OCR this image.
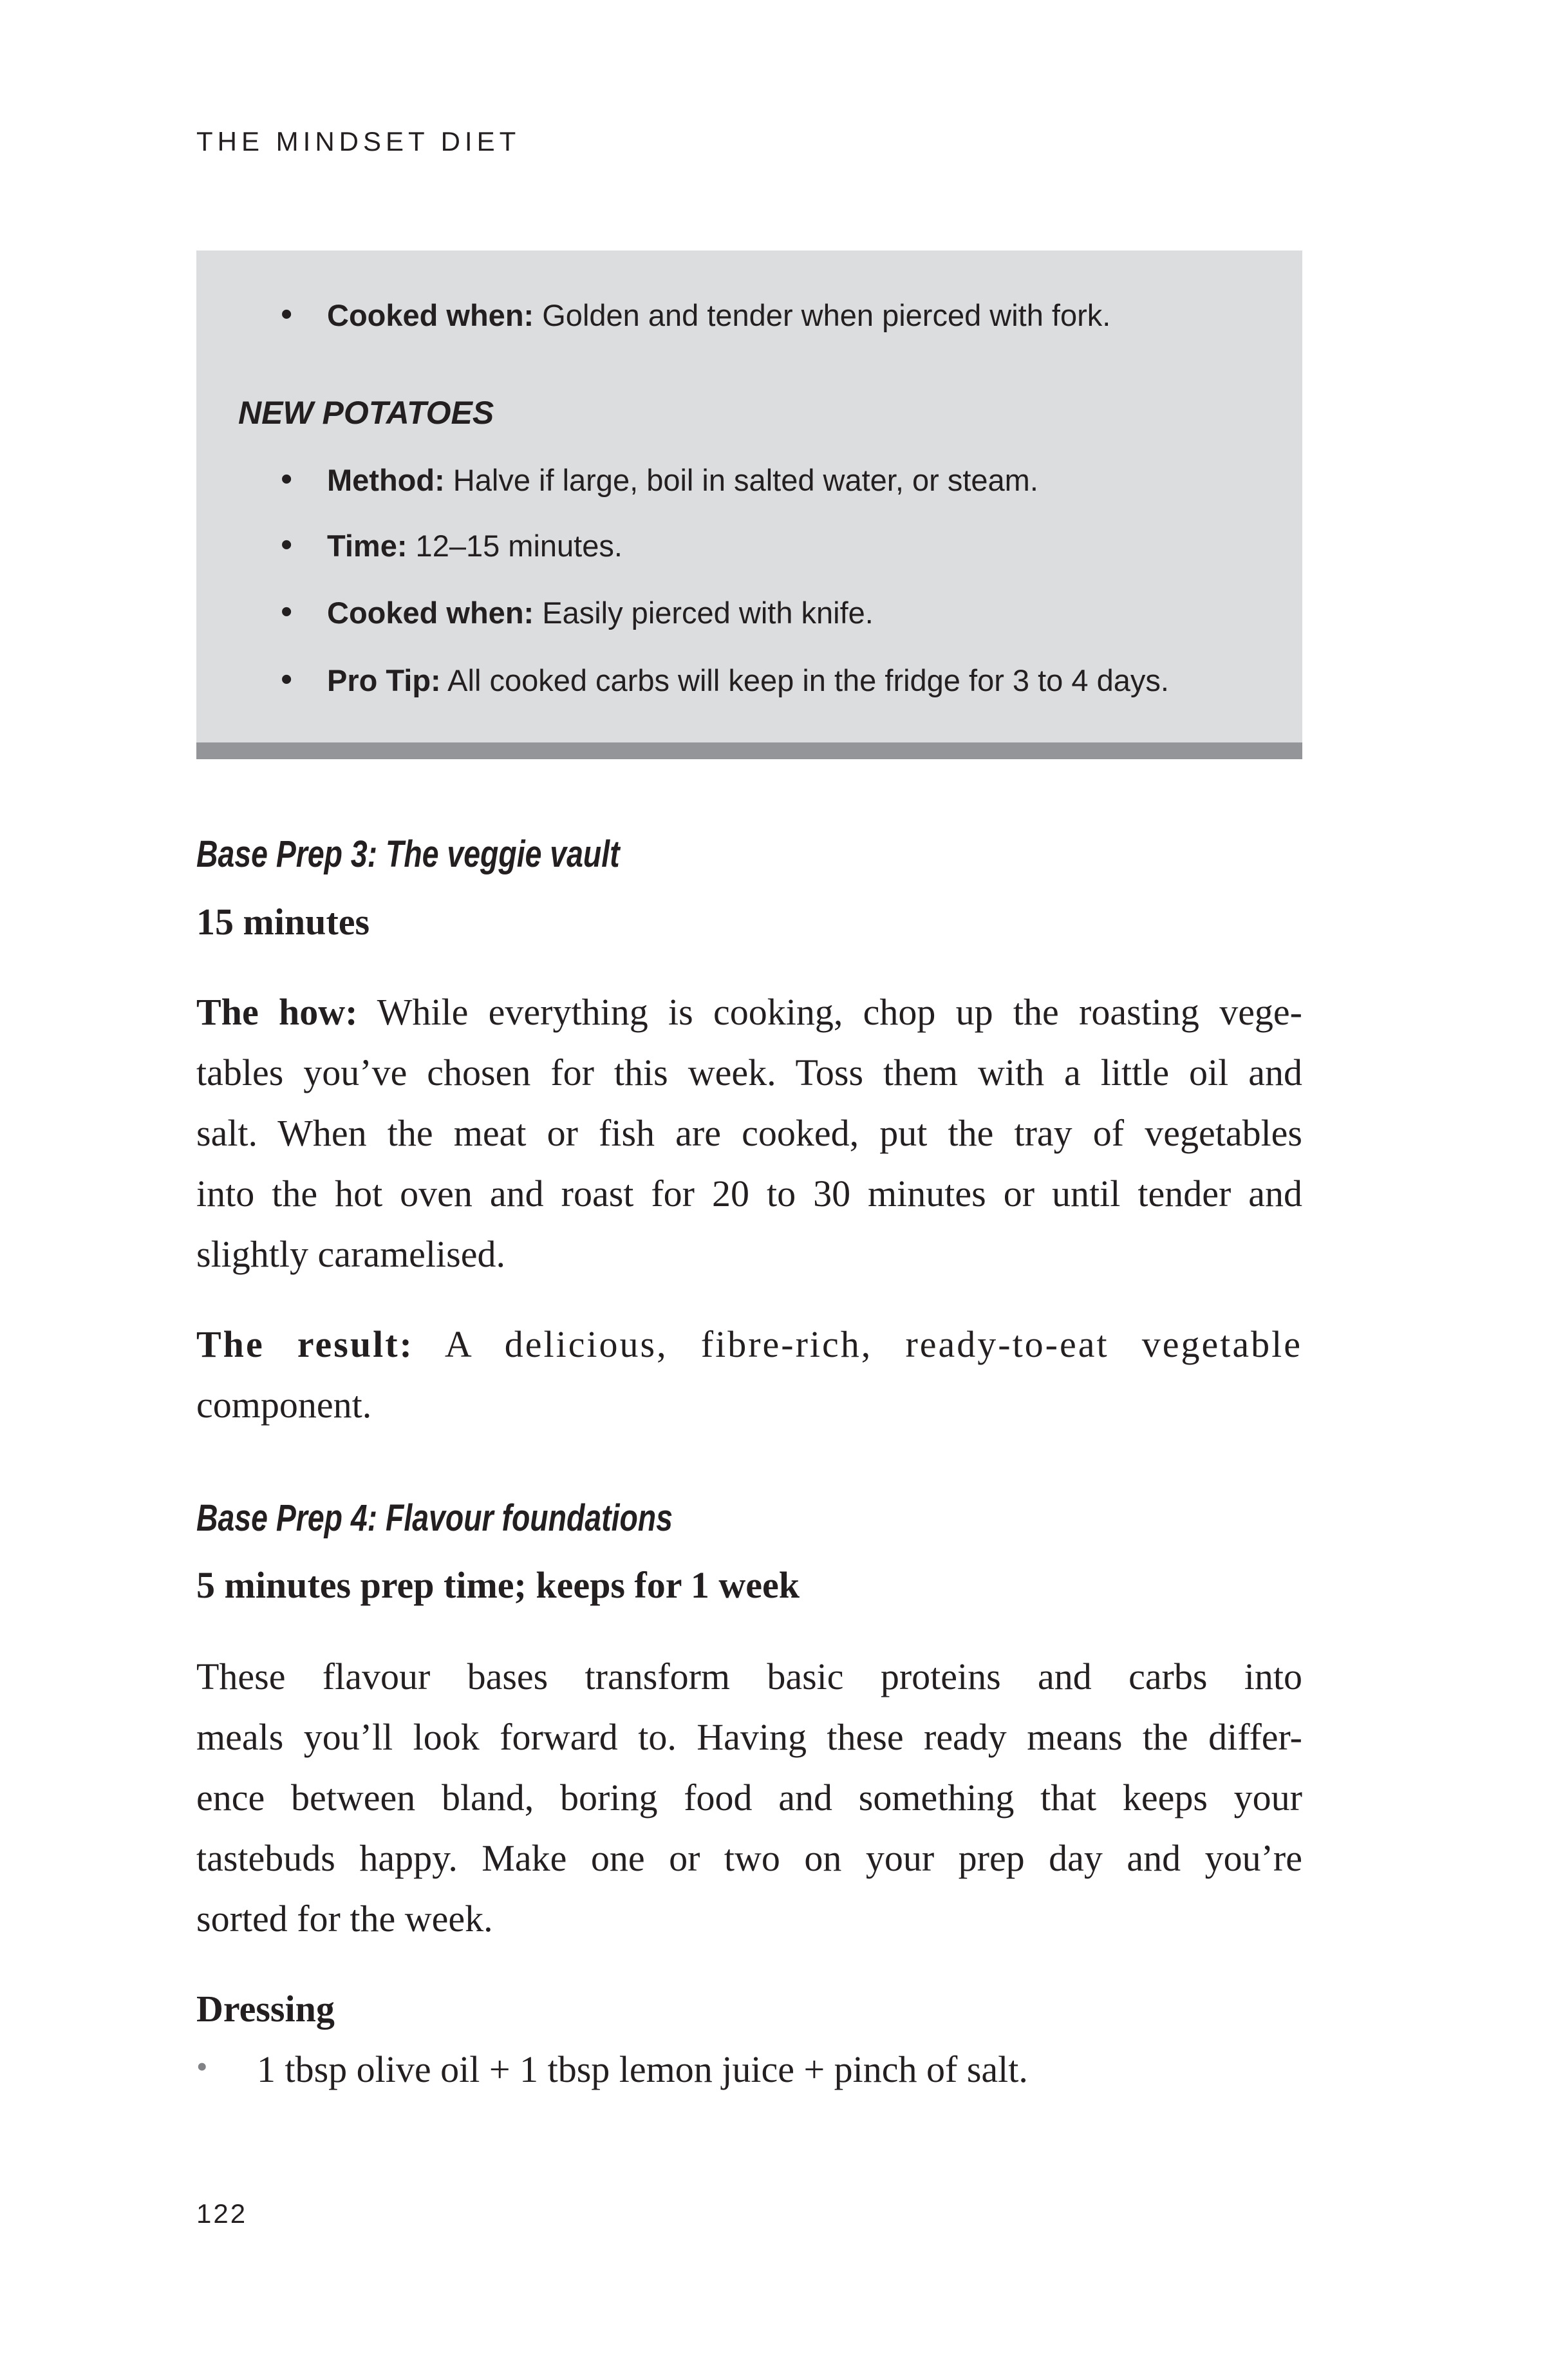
THE MINDSET DIET
• Cooked when: Golden and tender when pierced with fork.
NEW POTATOES
• Method: Halve if large, boil in salted water, or steam.
• Time: 12–15 minutes.
• Cooked when: Easily pierced with knife.
• Pro Tip: All cooked carbs will keep in the fridge for 3 to 4 days.
Base Prep 3: The veggie vault
15 minutes
The how: While everything is cooking, chop up the roasting vege-
tables you’ve chosen for this week. Toss them with a little oil and
salt. When the meat or fish are cooked, put the tray of vegetables
into the hot oven and roast for 20 to 30 minutes or until tender and
slightly caramelised.
The result: A delicious, fibre-rich, ready-to-eat vegetable
component.
Base Prep 4: Flavour foundations
5 minutes prep time; keeps for 1 week
These flavour bases transform basic proteins and carbs into
meals you’ll look forward to. Having these ready means the differ-
ence between bland, boring food and something that keeps your
tastebuds happy. Make one or two on your prep day and you’re
sorted for the week.
Dressing
• 1 tbsp olive oil + 1 tbsp lemon juice + pinch of salt.
122
